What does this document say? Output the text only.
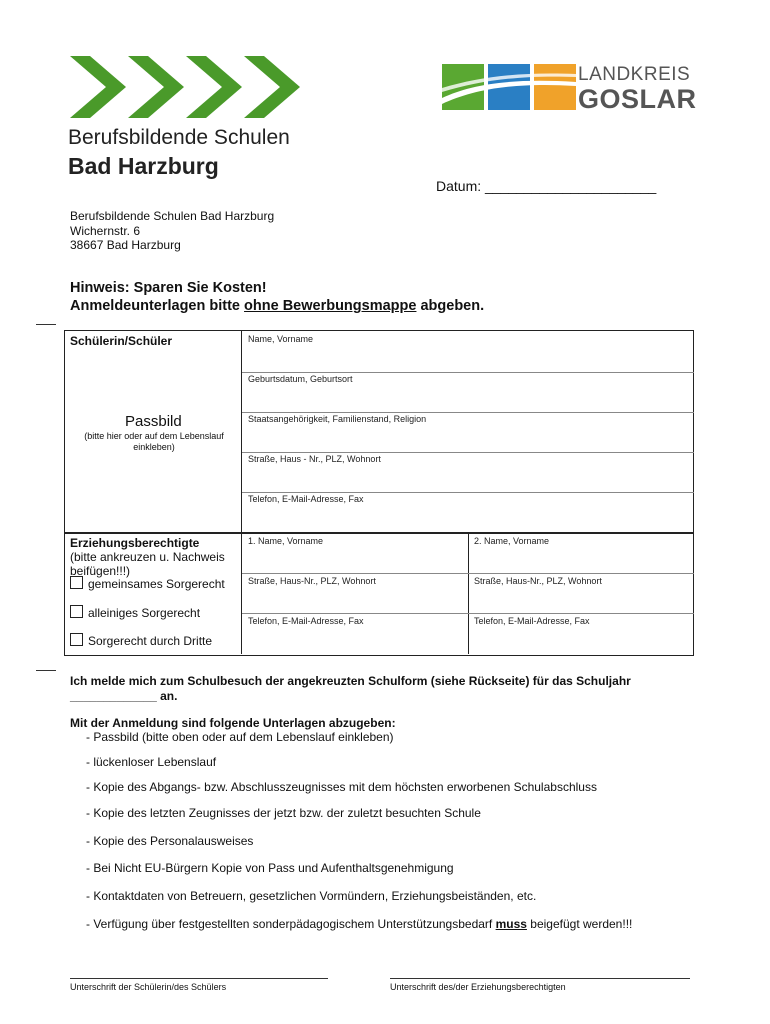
Berufsbildende Schulen
Bad Harzburg
LANDKREIS
GOSLAR
Datum: ______________________
Berufsbildende Schulen Bad Harzburg
Wichernstr. 6
38667 Bad Harzburg
Hinweis: Sparen Sie Kosten!
Anmeldeunterlagen bitte ohne Bewerbungsmappe abgeben.
Schülerin/Schüler
Passbild
(bitte hier oder auf dem Lebenslauf einkleben)
Name, Vorname
Geburtsdatum, Geburtsort
Staatsangehörigkeit, Familienstand, Religion
Straße, Haus - Nr., PLZ, Wohnort
Telefon, E-Mail-Adresse, Fax
Erziehungsberechtigte
(bitte ankreuzen u. Nachweis beifügen!!!)
gemeinsames Sorgerecht
alleiniges Sorgerecht
Sorgerecht durch Dritte
1. Name, Vorname
Straße, Haus-Nr., PLZ, Wohnort
Telefon, E-Mail-Adresse, Fax
2. Name, Vorname
Straße, Haus-Nr., PLZ, Wohnort
Telefon, E-Mail-Adresse, Fax
Ich melde mich zum Schulbesuch der angekreuzten Schulform (siehe Rückseite) für das Schuljahr
_____________ an.
Mit der Anmeldung sind folgende Unterlagen abzugeben:
- Passbild (bitte oben oder auf dem Lebenslauf einkleben)
- lückenloser Lebenslauf
- Kopie des Abgangs- bzw. Abschlusszeugnisses mit dem höchsten erworbenen Schulabschluss
- Kopie des letzten Zeugnisses der jetzt bzw. der zuletzt besuchten Schule
- Kopie des Personalausweises
- Bei Nicht EU-Bürgern Kopie von Pass und Aufenthaltsgenehmigung
- Kontaktdaten von Betreuern, gesetzlichen Vormündern, Erziehungsbeiständen, etc.
- Verfügung über festgestellten sonderpädagogischem Unterstützungsbedarf muss beigefügt werden!!!
Unterschrift der Schülerin/des Schülers	Unterschrift des/der Erziehungsberechtigten
